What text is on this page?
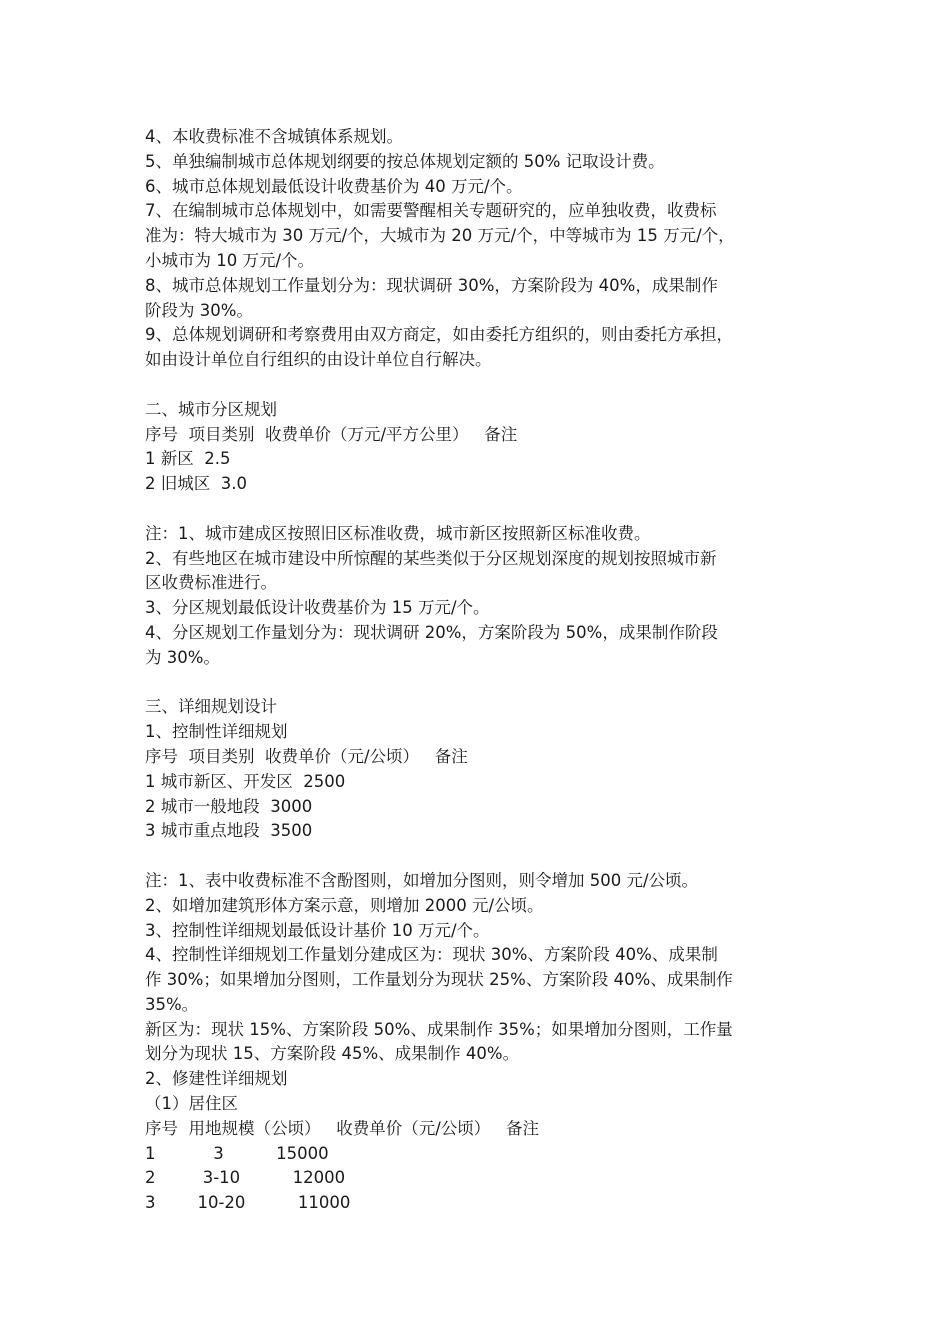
4、本收费标准不含城镇体系规划。
5、单独编制城市总体规划纲要的按总体规划定额的 50% 记取设计费。
6、城市总体规划最低设计收费基价为 40 万元/个。
7、在编制城市总体规划中，如需要警醒相关专题研究的，应单独收费，收费标
准为：特大城市为 30 万元/个，大城市为 20 万元/个，中等城市为 15 万元/个，
小城市为 10 万元/个。
8、城市总体规划工作量划分为：现状调研 30%，方案阶段为 40%，成果制作
阶段为 30%。
9、总体规划调研和考察费用由双方商定，如由委托方组织的，则由委托方承担，
如由设计单位自行组织的由设计单位自行解决。
二、城市分区规划
序号  项目类别  收费单价（万元/平方公里）   备注
1 新区  2.5
2 旧城区  3.0
注：1、城市建成区按照旧区标准收费，城市新区按照新区标准收费。
2、有些地区在城市建设中所惊醒的某些类似于分区规划深度的规划按照城市新
区收费标准进行。
3、分区规划最低设计收费基价为 15 万元/个。
4、分区规划工作量划分为：现状调研 20%，方案阶段为 50%，成果制作阶段
为 30%。
三、详细规划设计
1、控制性详细规划
序号  项目类别  收费单价（元/公顷）   备注
1 城市新区、开发区  2500
2 城市一般地段  3000
3 城市重点地段  3500
注：1、表中收费标准不含酚图则，如增加分图则，则令增加 500 元/公顷。
2、如增加建筑形体方案示意，则增加 2000 元/公顷。
3、控制性详细规划最低设计基价 10 万元/个。
4、控制性详细规划工作量划分建成区为：现状 30%、方案阶段 40%、成果制
作 30%；如果增加分图则，工作量划分为现状 25%、方案阶段 40%、成果制作
35%。
新区为：现状 15%、方案阶段 50%、成果制作 35%；如果增加分图则，工作量
划分为现状 15、方案阶段 45%、成果制作 40%。
2、修建性详细规划
（1）居住区
序号  用地规模（公顷）   收费单价（元/公顷）   备注
1           3          15000
2         3-10          12000
3        10-20          11000
